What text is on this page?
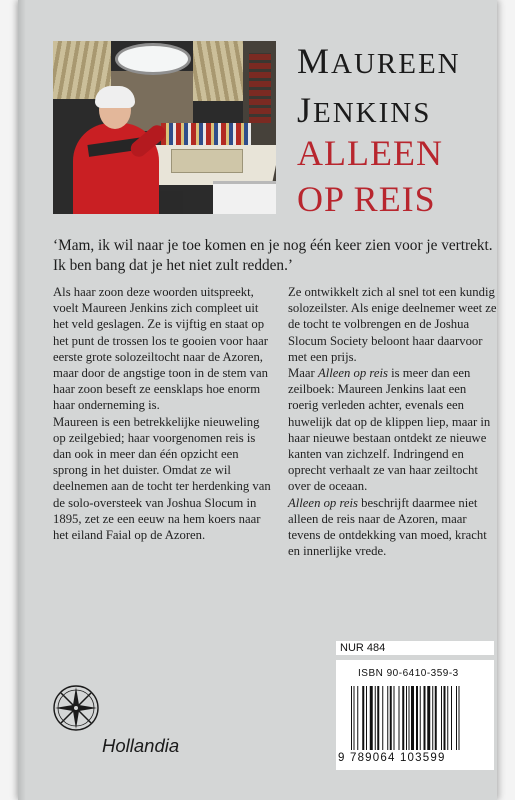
MAUREEN
JENKINS
ALLEEN
OP REIS
‘Mam, ik wil naar je toe komen en je nog één keer zien voor je vertrekt. Ik ben bang dat je het niet zult redden.’

Als haar zoon deze woorden uitspreekt, voelt Maureen Jenkins zich compleet uit het veld geslagen. Ze is vijftig en staat op het punt de trossen los te gooien voor haar eerste grote solozeiltocht naar de Azoren, maar door de angstige toon in de stem van haar zoon beseft ze eensklaps hoe enorm haar onderneming is.

Maureen is een betrekkelijke nieuweling op zeilgebied; haar voorgenomen reis is dan ook in meer dan één opzicht een sprong in het duister. Omdat ze wil deelnemen aan de tocht ter herdenking van de solo-oversteek van Joshua Slocum in 1895, zet ze een eeuw na hem koers naar het eiland Faial op de Azoren.

Ze ontwikkelt zich al snel tot een kundig solozeilster. Als enige deelnemer weet ze de tocht te volbrengen en de Joshua Slocum Society beloont haar daarvoor met een prijs.

Maar Alleen op reis is meer dan een zeilboek: Maureen Jenkins laat een roerig verleden achter, evenals een huwelijk dat op de klippen liep, maar in haar nieuwe bestaan ontdekt ze nieuwe kanten van zichzelf. Indringend en oprecht verhaalt ze van haar zeiltocht over de oceaan.

Alleen op reis beschrijft daarmee niet alleen de reis naar de Azoren, maar tevens de ontdekking van moed, kracht en innerlijke vrede.

NUR 484
ISBN 90-6410-359-3
9 789064 103599
Hollandia
